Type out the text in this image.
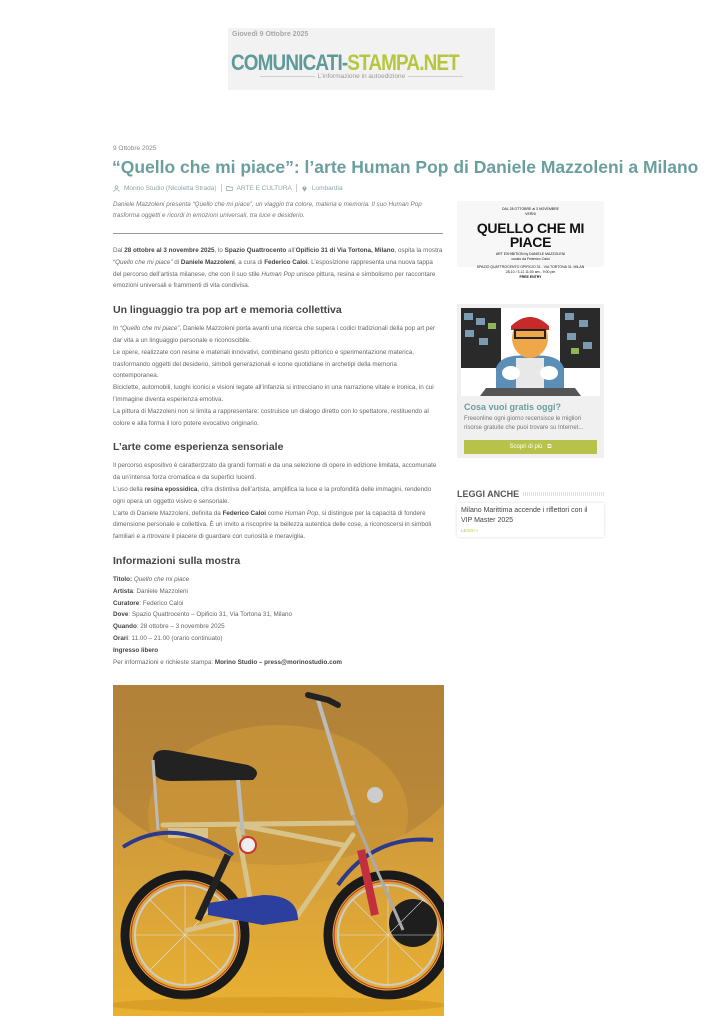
Giovedì 9 Ottobre 2025
COMUNICATI-STAMPA.NET
L'informazione in autoedizione
9 Ottobre 2025
“Quello che mi piace”: l’arte Human Pop di Daniele Mazzoleni a Milano
Morino Studio (Nicoletta Strada)	ARTE E CULTURA	Lombardia

Daniele Mazzoleni presenta “Quello che mi piace”, un viaggio tra colore, materia e memoria. Il suo Human Pop trasforma oggetti e ricordi in emozioni universali, tra luce e desiderio.

Dal 28 ottobre al 3 novembre 2025, lo Spazio Quattrocento all’Opificio 31 di Via Tortona, Milano, ospita la mostra “Quello che mi piace” di Daniele Mazzoleni, a cura di Federico Caloi. L’esposizione rappresenta una nuova tappa del percorso dell’artista milanese, che con il suo stile Human Pop unisce pittura, resina e simbolismo per raccontare emozioni universali e frammenti di vita condivisa.

Un linguaggio tra pop art e memoria collettiva

In “Quello che mi piace”, Daniele Mazzoleni porta avanti una ricerca che supera i codici tradizionali della pop art per dar vita a un linguaggio personale e riconoscibile.

Le opere, realizzate con resine e materiali innovativi, combinano gesto pittorico e sperimentazione materica, trasformando oggetti del desiderio, simboli generazionali e icone quotidiane in archetipi della memoria contemporanea.

Biciclette, automobili, luoghi iconici e visioni legate all’infanzia si intrecciano in una narrazione vitale e ironica, in cui l’immagine diventa esperienza emotiva.

La pittura di Mazzoleni non si limita a rappresentare: costruisce un dialogo diretto con lo spettatore, restituendo al colore e alla forma il loro potere evocativo originario.

L’arte come esperienza sensoriale

Il percorso espositivo è caratterizzato da grandi formati e da una selezione di opere in edizione limitata, accomunate da un’intensa forza cromatica e da superfici lucenti.

L’uso della resina epossidica, cifra distintiva dell’artista, amplifica la luce e la profondità delle immagini, rendendo ogni opera un oggetto visivo e sensoriale.

L’arte di Daniele Mazzoleni, definita da Federico Caloi come Human Pop, si distingue per la capacità di fondere dimensione personale e collettiva. È un invito a riscoprire la bellezza autentica delle cose, a riconoscersi in simboli familiari e a ritrovare il piacere di guardare con curiosità e meraviglia.

Informazioni sulla mostra

Titolo: Quello che mi piace

Artista: Daniele Mazzoleni

Curatore: Federico Caloi

Dove: Spazio Quattrocento – Opificio 31, Via Tortona 31, Milano

Quando: 28 ottobre – 3 novembre 2025

Orari: 11.00 – 21.00 (orario continuato)

Ingresso libero

Per informazioni e richieste stampa: Morino Studio – press@morinostudio.com

DAL 28 OTTOBRE al 3 NOVEMBRE
VERNI
QUELLO CHE MI PIACE
ART EXHIBITION by DANIELE MAZZOLENI
curato da Federico Caloi
SPAZIO QUATTROCENTO OPIFICIO 31 - VIA TORTONA 31, MILAN
28-10 / 3-11 11:00 am - 9:00 pm
FREE ENTRY
Cosa vuoi gratis oggi?
Freeonline ogni giorno recensisce le migliori risorse gratuite che puoi trovare su Internet...
Scopri di più ⧉
LEGGI ANCHE
Milano Marittima accende i riflettori con il VIP Master 2025
LEGGI »
